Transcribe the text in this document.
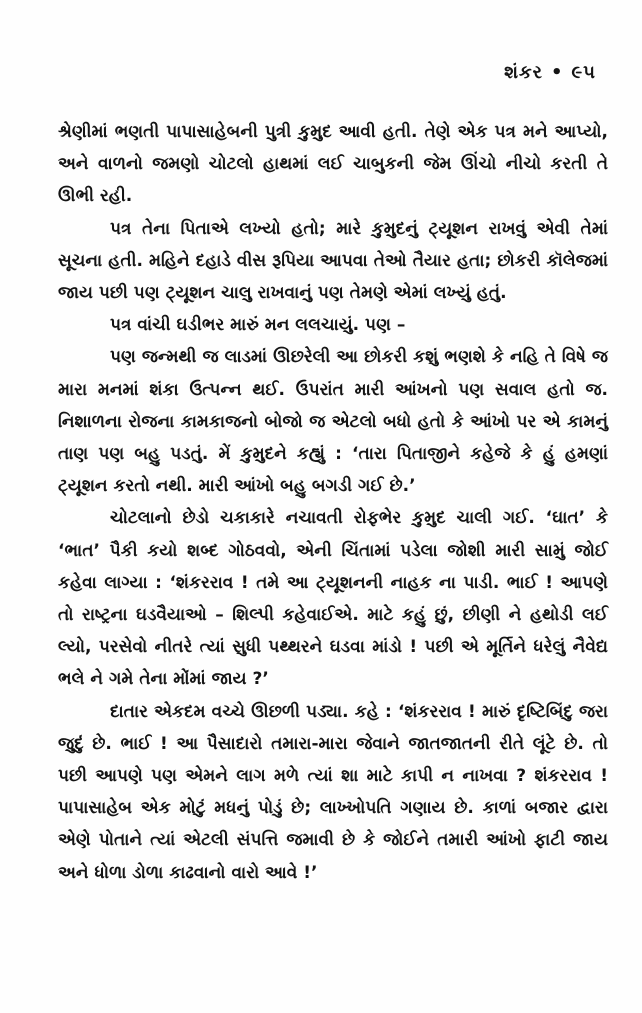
શંકર • ૯૫

શ્રેણીમાં ભણતી પાપાસાહેબની પુત્રી કુમુદ આવી હતી. તેણે એક પત્ર મને આપ્યો, અને વાળનો જમણો ચોટલો હાથમાં લઈ ચાબુકની જેમ ઊંચો નીચો કરતી તે ઊભી રહી.

પત્ર તેના પિતાએ લખ્યો હતો; મારે કુમુદનું ટ્યૂશન રાખવું એવી તેમાં સૂચના હતી. મહિને દહાડે વીસ રૂપિયા આપવા તેઓ તૈયાર હતા; છોકરી કૉલેજમાં જાય પછી પણ ટ્યૂશન ચાલુ રાખવાનું પણ તેમણે એમાં લખ્યું હતું.

પત્ર વાંચી ઘડીભર મારું મન લલચાયું. પણ –

પણ જન્મથી જ લાડમાં ઊછરેલી આ છોકરી કશું ભણશે કે નહિ તે વિષે જ મારા મનમાં શંકા ઉત્પન્ન થઈ. ઉપરાંત મારી આંખનો પણ સવાલ હતો જ. નિશાળના રોજના કામકાજનો બોજો જ એટલો બધો હતો કે આંખો પર એ કામનું તાણ પણ બહુ પડતું. મેં કુમુદને કહ્યું : ‘તારા પિતાજીને કહેજે કે હું હમણાં ટ્યૂશન કરતો નથી. મારી આંખો બહુ બગડી ગઈ છે.’

ચોટલાનો છેડો ચકાકારે નચાવતી રોફભેર કુમુદ ચાલી ગઈ. ‘ઘાત’ કે ‘ભાત’ પૈકી કયો શબ્દ ગોઠવવો, એની ચિંતામાં પડેલા જોશી મારી સામું જોઈ કહેવા લાગ્યા : ‘શંકરરાવ ! તમે આ ટ્યૂશનની નાહક ના પાડી. ભાઈ ! આપણે તો રાષ્ટ્રના ઘડવૈયાઓ – શિલ્પી કહેવાઈએ. માટે કહું છું, છીણી ને હથોડી લઈ લ્યો, પરસેવો નીતરે ત્યાં સુધી પથ્થરને ઘડવા માંડો ! પછી એ મૂર્તિને ધરેલું નૈવેદ્ય ભલે ને ગમે તેના મોંમાં જાય ?’

દાતાર એકદમ વચ્ચે ઊછળી પડ્યા. કહે : ‘શંકરરાવ ! મારું દૃષ્ટિબિંદુ જરા જુદું છે. ભાઈ ! આ પૈસાદારો તમારા-મારા જેવાને જાતજાતની રીતે લૂંટે છે. તો પછી આપણે પણ એમને લાગ મળે ત્યાં શા માટે કાપી ન નાખવા ? શંકરરાવ ! પાપાસાહેબ એક મોટું મધનું પોડું છે; લાખ્ખોપતિ ગણાય છે. કાળાં બજાર દ્વારા એણે પોતાને ત્યાં એટલી સંપત્તિ જમાવી છે કે જોઈને તમારી આંખો ફાટી જાય અને ધોળા ડોળા કાઢવાનો વારો આવે !’
